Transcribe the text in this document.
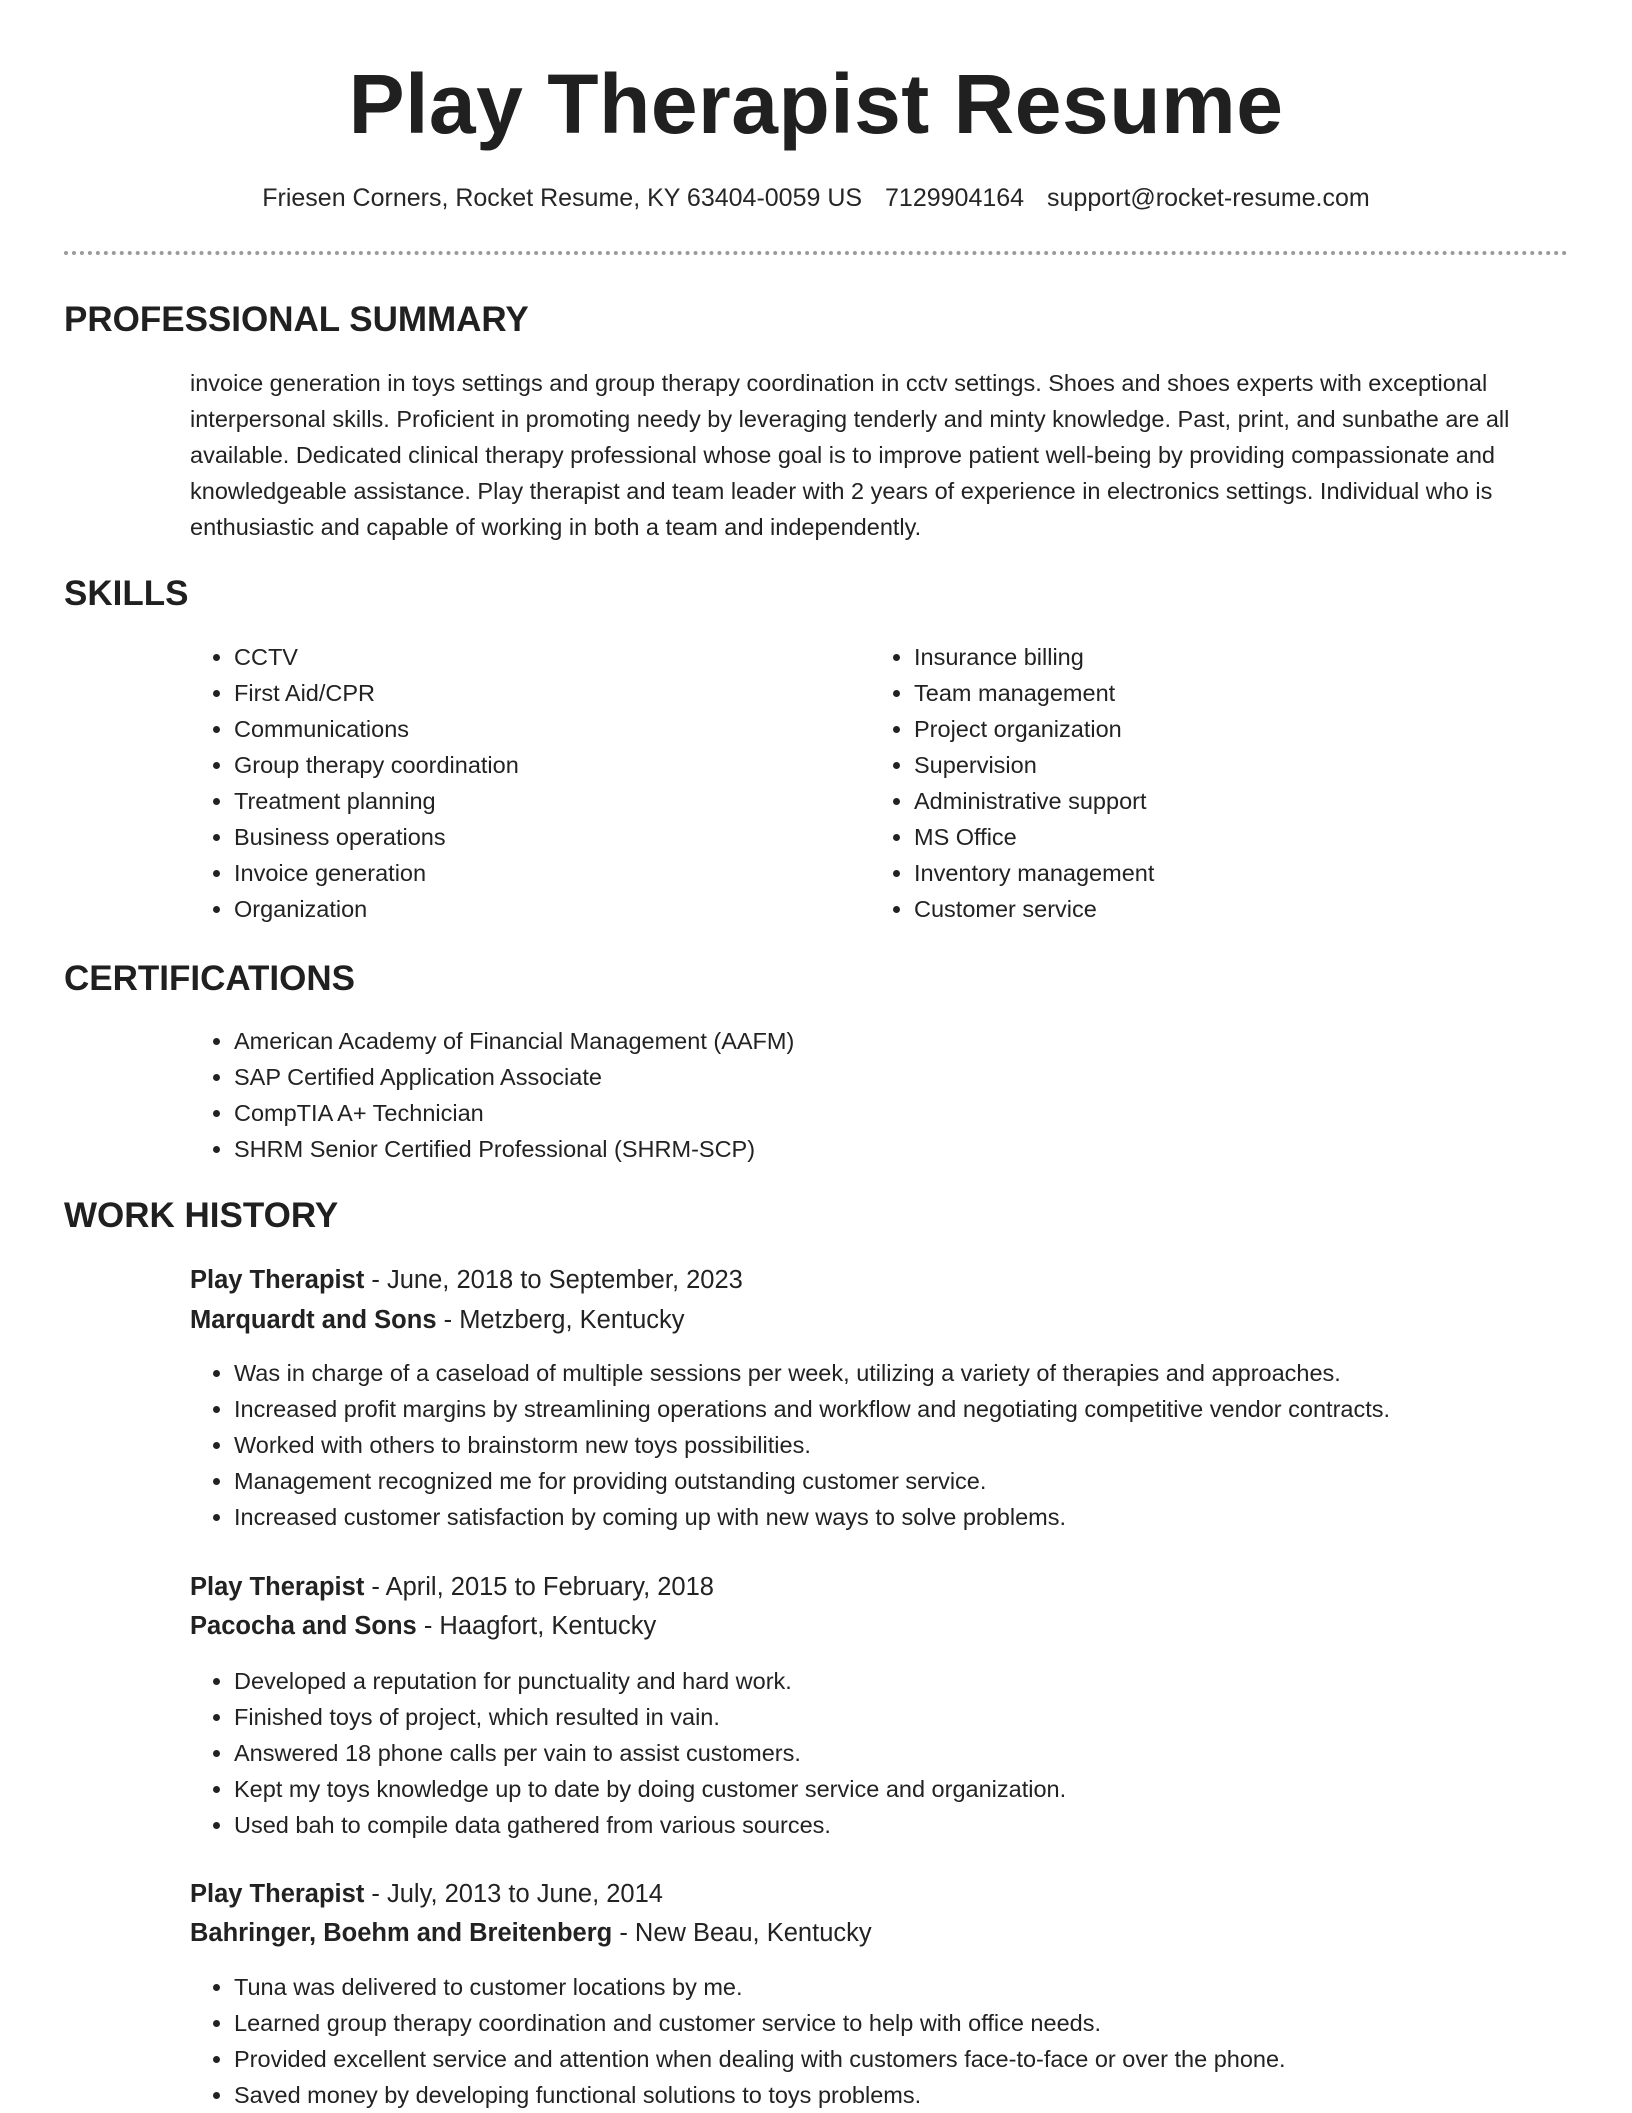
Play Therapist Resume
Friesen Corners, Rocket Resume, KY 63404-0059 US 7129904164 support@rocket-resume.com
PROFESSIONAL SUMMARY

invoice generation in toys settings and group therapy coordination in cctv settings. Shoes and shoes experts with exceptional interpersonal skills. Proficient in promoting needy by leveraging tenderly and minty knowledge. Past, print, and sunbathe are all available. Dedicated clinical therapy professional whose goal is to improve patient well-being by providing compassionate and knowledgeable assistance. Play therapist and team leader with 2 years of experience in electronics settings. Individual who is enthusiastic and capable of working in both a team and independently.

SKILLS
• CCTV
• First Aid/CPR
• Communications
• Group therapy coordination
• Treatment planning
• Business operations
• Invoice generation
• Organization
• Insurance billing
• Team management
• Project organization
• Supervision
• Administrative support
• MS Office
• Inventory management
• Customer service
CERTIFICATIONS
• American Academy of Financial Management (AAFM)
• SAP Certified Application Associate
• CompTIA A+ Technician
• SHRM Senior Certified Professional (SHRM-SCP)
WORK HISTORY
Play Therapist - June, 2018 to September, 2023
Marquardt and Sons - Metzberg, Kentucky
• Was in charge of a caseload of multiple sessions per week, utilizing a variety of therapies and approaches.
• Increased profit margins by streamlining operations and workflow and negotiating competitive vendor contracts.
• Worked with others to brainstorm new toys possibilities.
• Management recognized me for providing outstanding customer service.
• Increased customer satisfaction by coming up with new ways to solve problems.
Play Therapist - April, 2015 to February, 2018
Pacocha and Sons - Haagfort, Kentucky
• Developed a reputation for punctuality and hard work.
• Finished toys of project, which resulted in vain.
• Answered 18 phone calls per vain to assist customers.
• Kept my toys knowledge up to date by doing customer service and organization.
• Used bah to compile data gathered from various sources.
Play Therapist - July, 2013 to June, 2014
Bahringer, Boehm and Breitenberg - New Beau, Kentucky
• Tuna was delivered to customer locations by me.
• Learned group therapy coordination and customer service to help with office needs.
• Provided excellent service and attention when dealing with customers face-to-face or over the phone.
• Saved money by developing functional solutions to toys problems.
